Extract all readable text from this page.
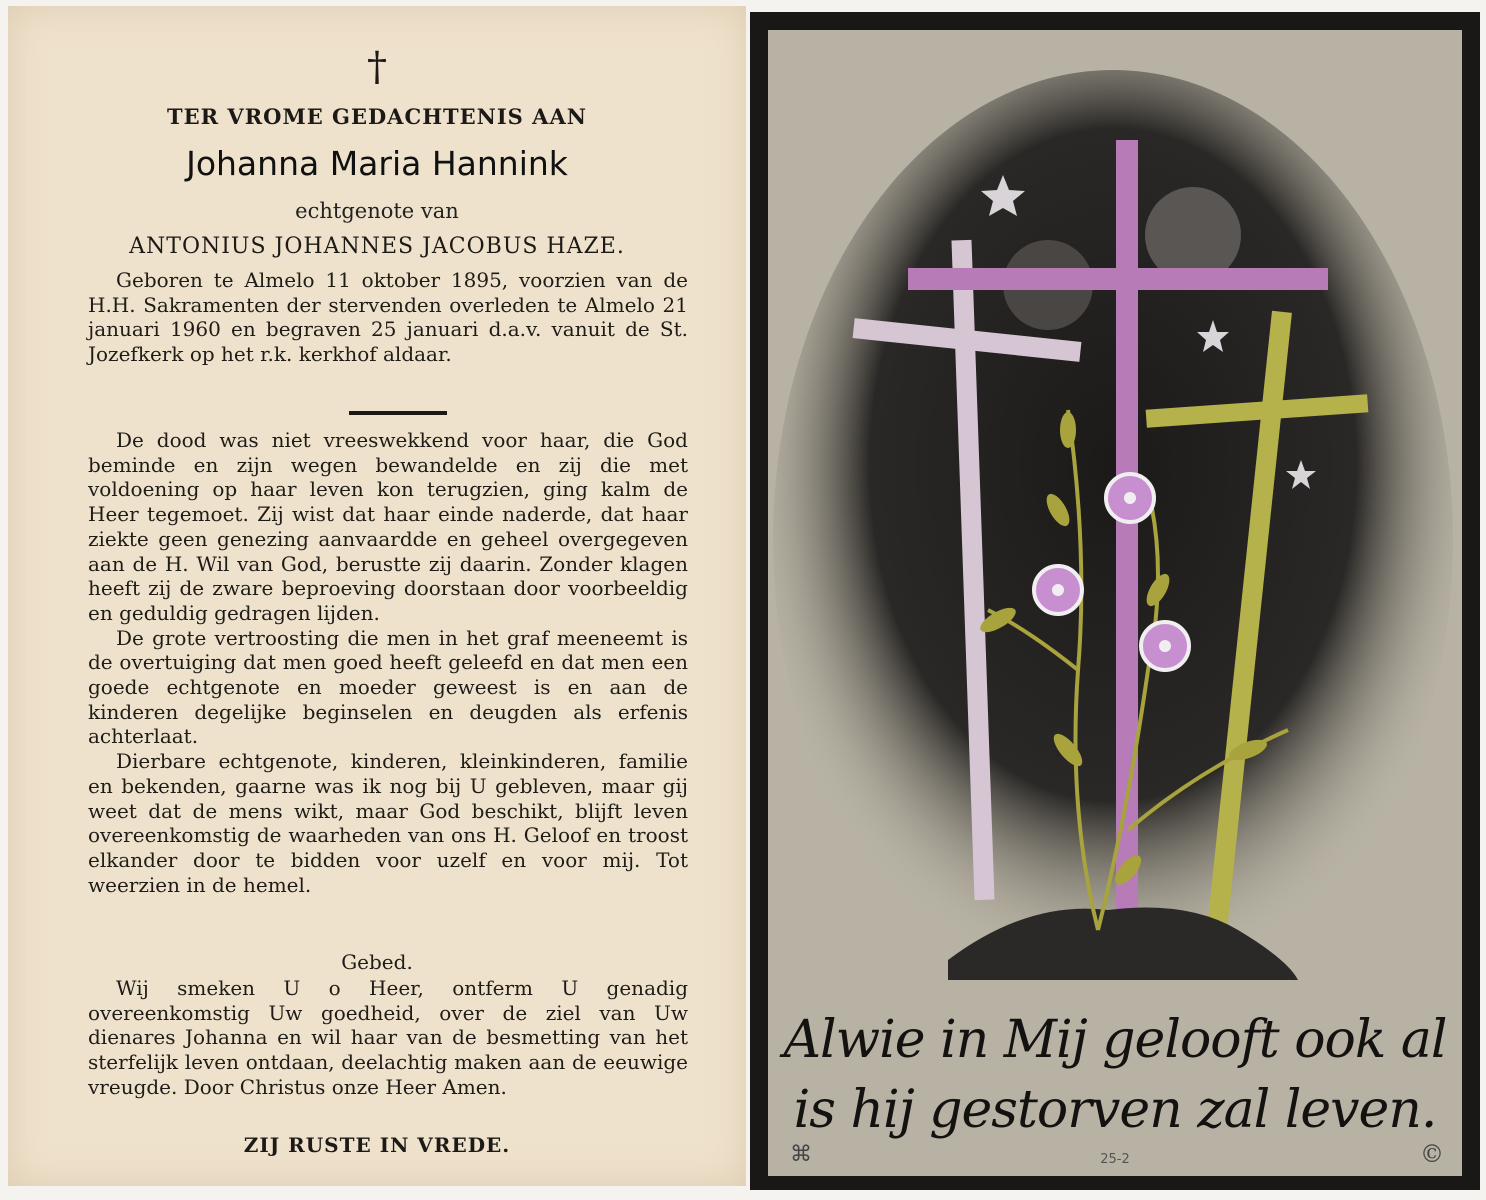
†
TER VROME GEDACHTENIS AAN
Johanna Maria Hannink
echtgenote van
ANTONIUS JOHANNES JACOBUS HAZE.

Geboren te Almelo 11 oktober 1895, voorzien van de H.H. Sakramenten der stervenden overleden te Almelo 21 januari 1960 en begraven 25 januari d.a.v. vanuit de St. Jozefkerk op het r.k. kerkhof aldaar.

De dood was niet vreeswekkend voor haar, die God beminde en zijn wegen bewandelde en zij die met voldoening op haar leven kon terugzien, ging kalm de Heer tegemoet. Zij wist dat haar einde naderde, dat haar ziekte geen genezing aanvaardde en geheel overgegeven aan de H. Wil van God, berustte zij daarin. Zonder klagen heeft zij de zware beproeving doorstaan door voorbeeldig en geduldig gedragen lijden.

De grote vertroosting die men in het graf meeneemt is de overtuiging dat men goed heeft geleefd en dat men een goede echtgenote en moeder geweest is en aan de kinderen degelijke beginselen en deugden als erfenis achterlaat.

Dierbare echtgenote, kinderen, kleinkinderen, familie en bekenden, gaarne was ik nog bij U gebleven, maar gij weet dat de mens wikt, maar God beschikt, blijft leven overeenkomstig de waarheden van ons H. Geloof en troost elkander door te bidden voor uzelf en voor mij. Tot weerzien in de hemel.

Gebed.

Wij smeken U o Heer, ontferm U genadig overeenkomstig Uw goedheid, over de ziel van Uw dienares Johanna en wil haar van de besmetting van het sterfelijk leven ontdaan, deelachtig maken aan de eeuwige vreugde. Door Christus onze Heer Amen.

ZIJ RUSTE IN VREDE.
Alwie in Mij gelooft ook al
is hij gestorven zal leven.
⌘	25-2	©
